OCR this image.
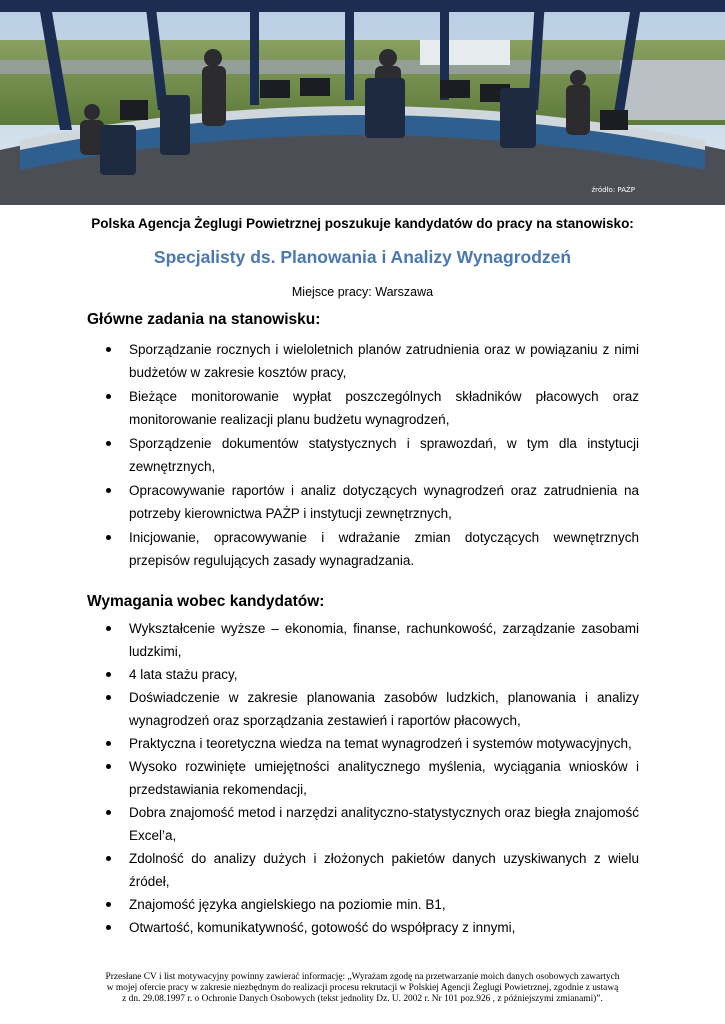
źródło: PAŻP
Polska Agencja Żeglugi Powietrznej poszukuje kandydatów do pracy na stanowisko:
Specjalisty ds. Planowania i Analizy Wynagrodzeń
Miejsce pracy: Warszawa
Główne zadania na stanowisku:
Sporządzanie rocznych i wieloletnich planów zatrudnienia oraz w powiązaniu z nimi budżetów w zakresie kosztów pracy,
Bieżące monitorowanie wypłat poszczególnych składników płacowych oraz monitorowanie realizacji planu budżetu wynagrodzeń,
Sporządzenie dokumentów statystycznych i sprawozdań, w tym dla instytucji zewnętrznych,
Opracowywanie raportów i analiz dotyczących wynagrodzeń oraz zatrudnienia na potrzeby kierownictwa PAŻP i instytucji zewnętrznych,
Inicjowanie, opracowywanie i wdrażanie zmian dotyczących wewnętrznych przepisów regulujących zasady wynagradzania.
Wymagania wobec kandydatów:
Wykształcenie wyższe – ekonomia, finanse, rachunkowość, zarządzanie zasobami ludzkimi,
4 lata stażu pracy,
Doświadczenie w zakresie planowania zasobów ludzkich, planowania i analizy wynagrodzeń oraz sporządzania zestawień i raportów płacowych,
Praktyczna i teoretyczna wiedza na temat wynagrodzeń i systemów motywacyjnych,
Wysoko rozwinięte umiejętności analitycznego myślenia, wyciągania wniosków i przedstawiania rekomendacji,
Dobra znajomość metod i narzędzi analityczno-statystycznych oraz biegła znajomość Excel’a,
Zdolność do analizy dużych i złożonych pakietów danych uzyskiwanych z wielu źródeł,
Znajomość języka angielskiego na poziomie min. B1,
Otwartość, komunikatywność, gotowość do współpracy z innymi,

Przesłane CV i list motywacyjny powinny zawierać informację: „Wyrażam zgodę na przetwarzanie moich danych osobowych zawartych

w mojej ofercie pracy w zakresie niezbędnym do realizacji procesu rekrutacji w Polskiej Agencji Żeglugi Powietrznej, zgodnie z ustawą

z dn. 29.08.1997 r. o Ochronie Danych Osobowych (tekst jednolity Dz. U. 2002 r. Nr 101 poz.926 , z późniejszymi zmianami)”.
